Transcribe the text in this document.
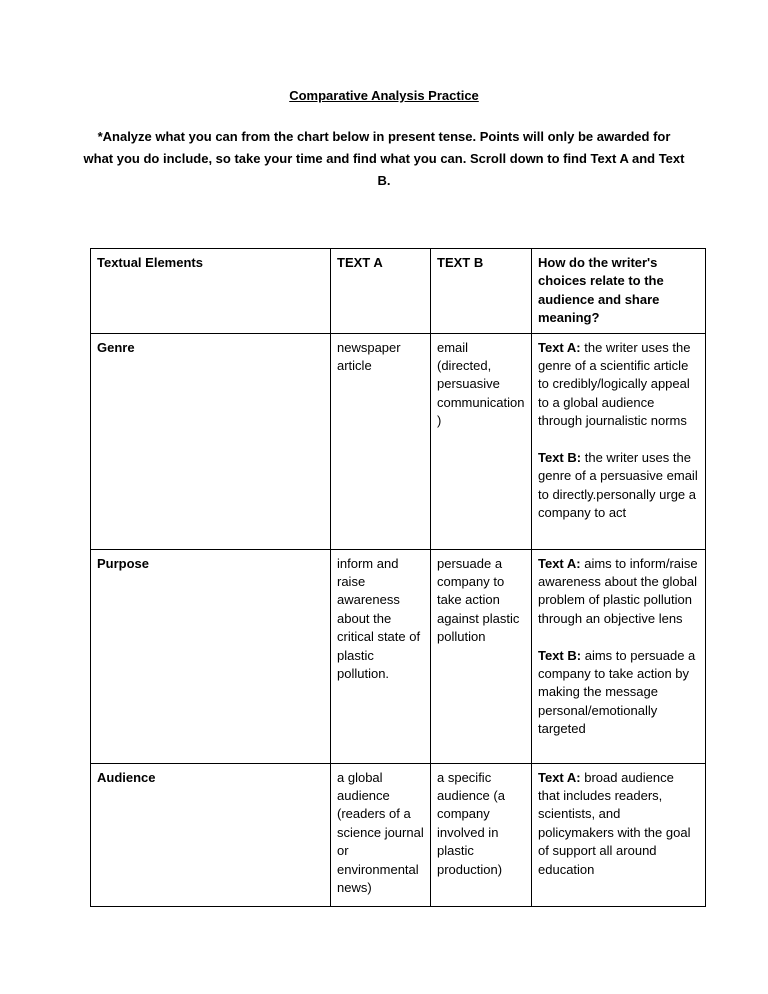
Comparative Analysis Practice
*Analyze what you can from the chart below in present tense. Points will only be awarded for what you do include, so take your time and find what you can. Scroll down to find Text A and Text B.
Textual Elements	TEXT A	TEXT B	How do the writer's choices relate to the audience and share meaning?
Genre	newspaper article	email (directed, persuasive communication)	Text A: the writer uses the genre of a scientific article to credibly/logically appeal to a global audience through journalistic norms

Text B: the writer uses the genre of a persuasive email to directly.personally urge a company to act

Purpose	inform and raise awareness about the critical state of plastic pollution.	persuade a company to take action against plastic pollution	Text A: aims to inform/raise awareness about the global problem of plastic pollution through an objective lens

Text B: aims to persuade a company to take action by making the message personal/emotionally targeted

Audience	a global audience (readers of a science journal or environmental news)	a specific audience (a company involved in plastic production)	Text A: broad audience that includes readers, scientists, and policymakers with the goal of support all around education
